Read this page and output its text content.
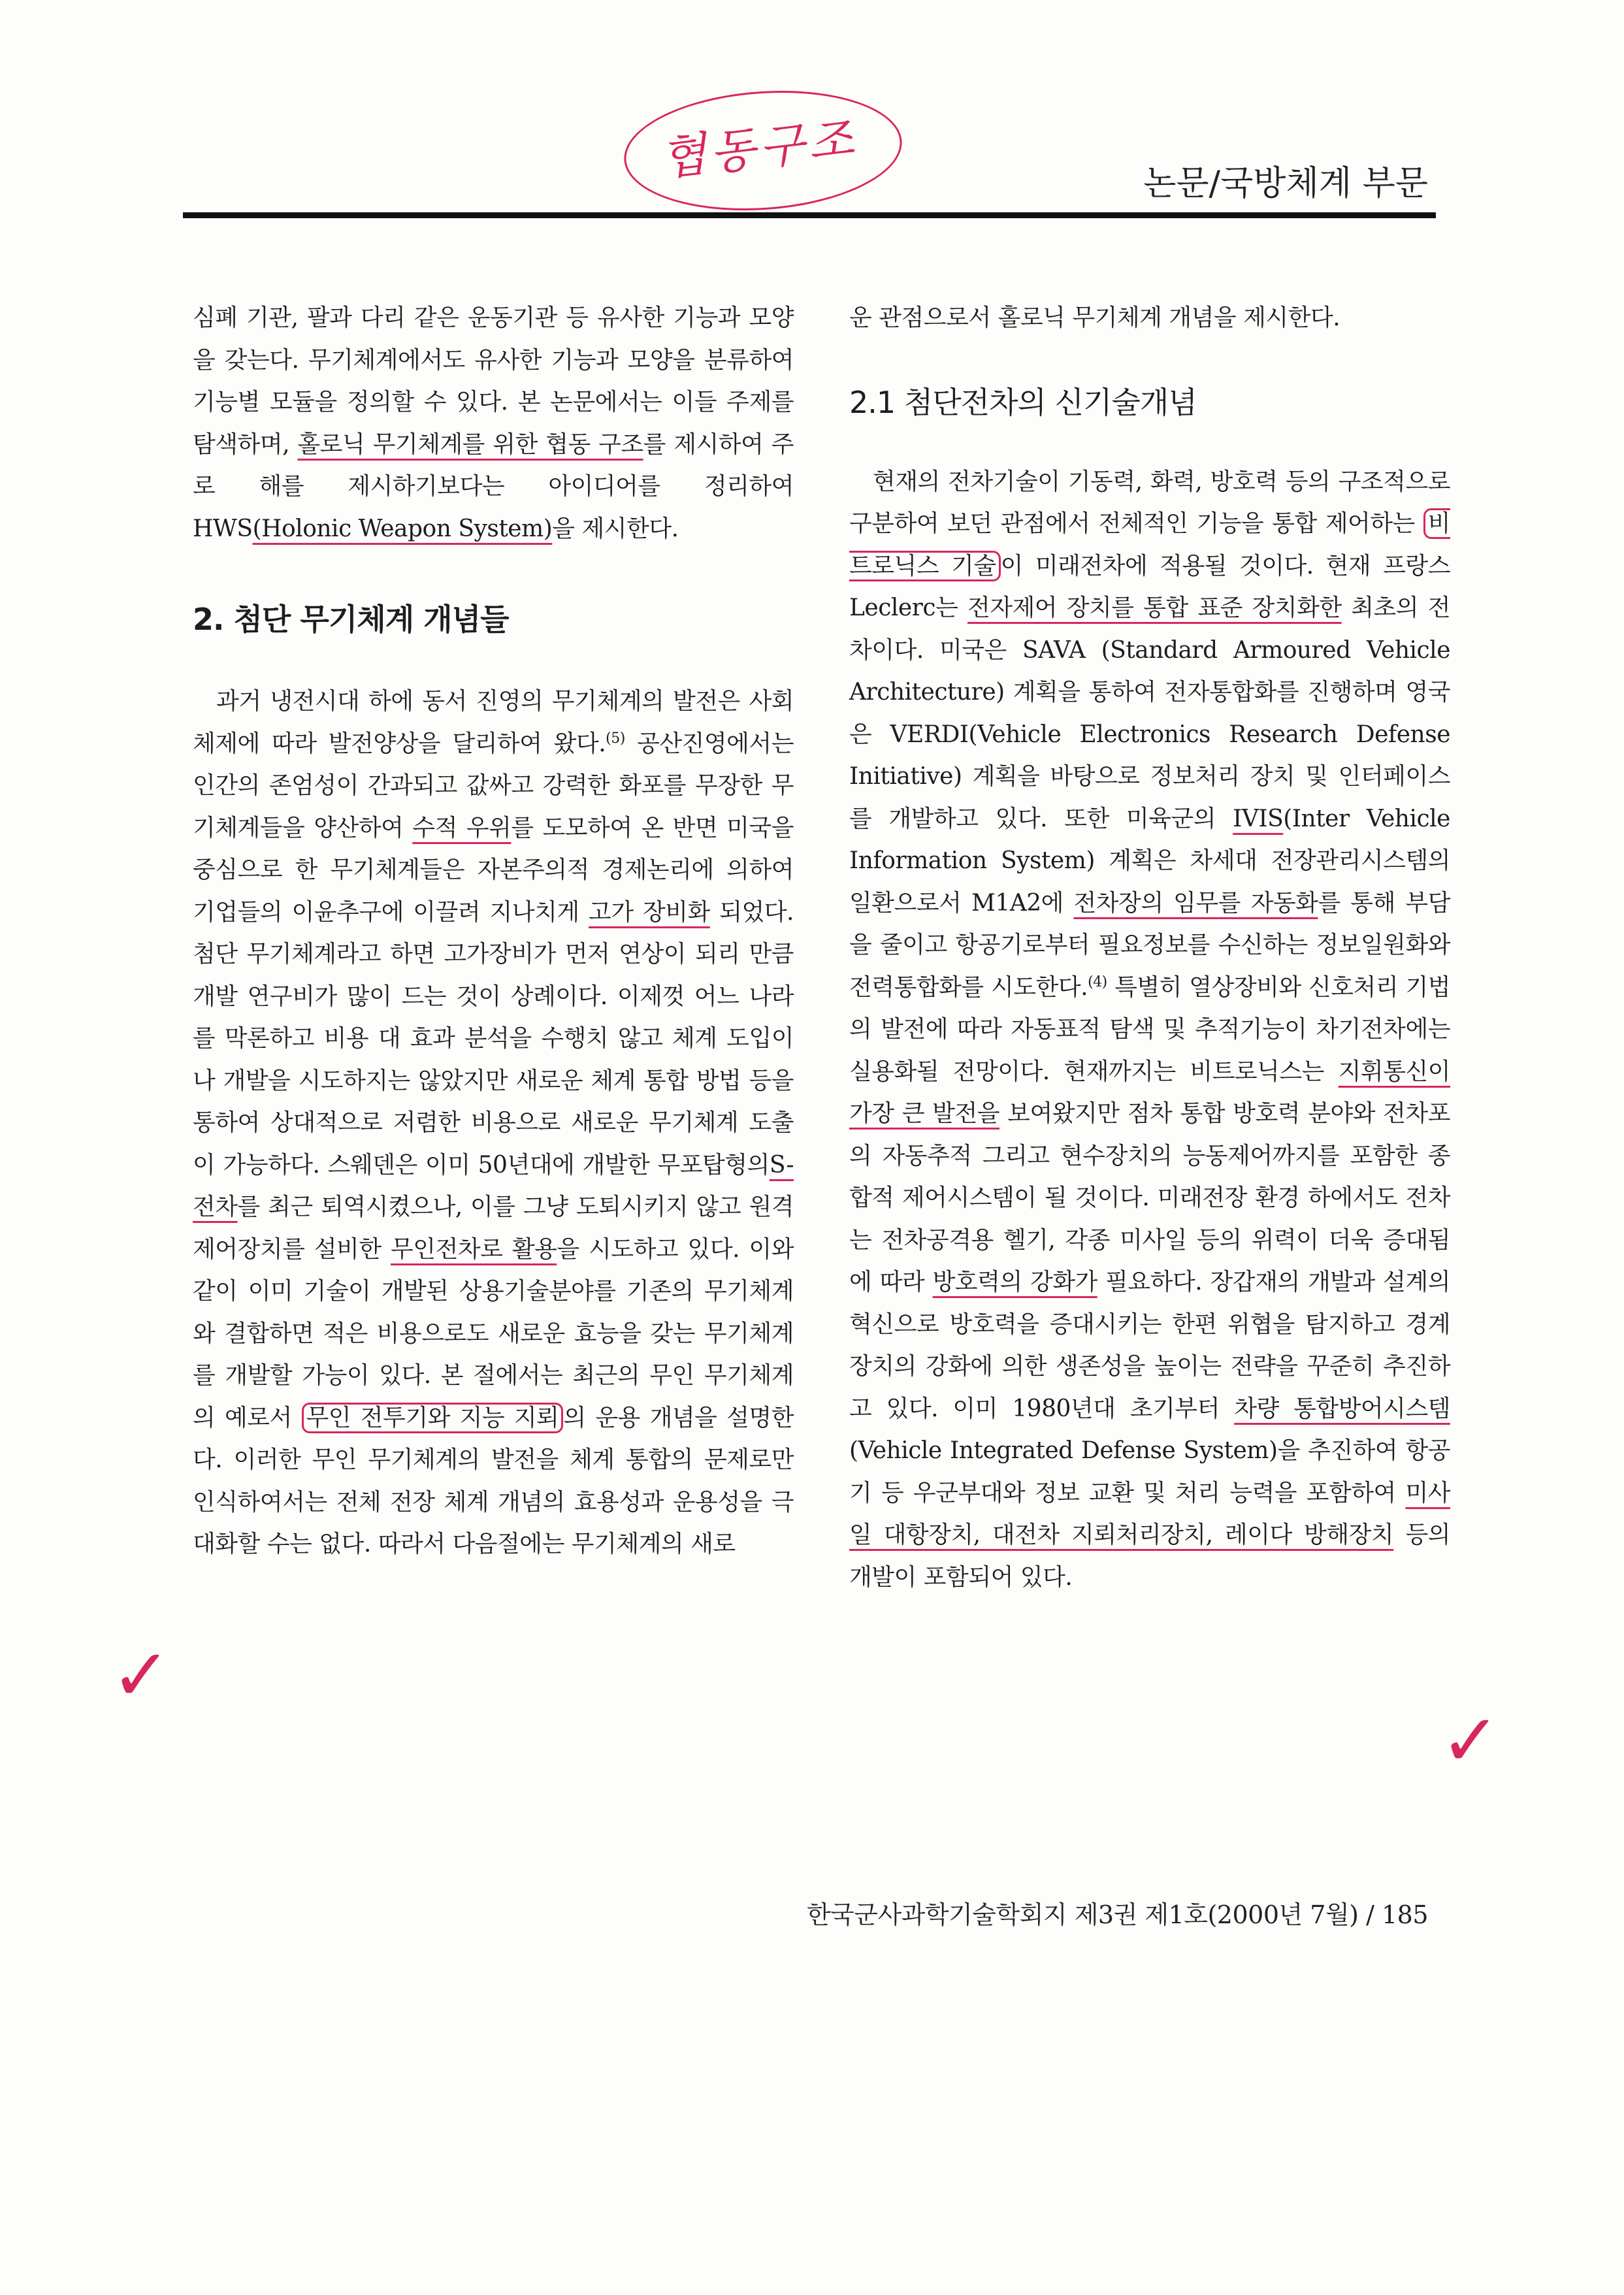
협동구조	논문/국방체계 부문

심폐 기관, 팔과 다리 같은 운동기관 등 유사한 기능과 모양을 갖는다. 무기체계에서도 유사한 기능과 모양을 분류하여 기능별 모듈을 정의할 수 있다. 본 논문에서는 이들 주제를 탐색하며, 홀로닉 무기체계를 위한 협동 구조를 제시하여 주로 해를 제시하기보다는 아이디어를 정리하여 HWS(Holonic Weapon System)을 제시한다.

2. 첨단 무기체계 개념들

과거 냉전시대 하에 동서 진영의 무기체계의 발전은 사회체제에 따라 발전양상을 달리하여 왔다.$^{(5)}$ 공산진영에서는 인간의 존엄성이 간과되고 값싸고 강력한 화포를 무장한 무기체계들을 양산하여 수적 우위를 도모하여 온 반면 미국을 중심으로 한 무기체계들은 자본주의적 경제논리에 의하여 기업들의 이윤추구에 이끌려 지나치게 고가 장비화 되었다. 첨단 무기체계라고 하면 고가장비가 먼저 연상이 되리 만큼 개발 연구비가 많이 드는 것이 상례이다. 이제껏 어느 나라를 막론하고 비용 대 효과 분석을 수행치 않고 체계 도입이나 개발을 시도하지는 않았지만 새로운 체계 통합 방법 등을 통하여 상대적으로 저렴한 비용으로 새로운 무기체계 도출이 가능하다. 스웨덴은 이미 50년대에 개발한 무포탑형의S-전차를 최근 퇴역시켰으나, 이를 그냥 도퇴시키지 않고 원격제어장치를 설비한 무인전차로 활용을 시도하고 있다. 이와 같이 이미 기술이 개발된 상용기술분야를 기존의 무기체계와 결합하면 적은 비용으로도 새로운 효능을 갖는 무기체계를 개발할 가능이 있다. 본 절에서는 최근의 무인 무기체계의 예로서 무인 전투기와 지능 지뢰 의 운용 개념을 설명한다. 이러한 무인 무기체계의 발전을 체계 통합의 문제로만 인식하여서는 전체 전장 체계 개념의 효용성과 운용성을 극대화할 수는 없다. 따라서 다음절에는 무기체계의 새로

운 관점으로서 홀로닉 무기체계 개념을 제시한다.

2.1 첨단전차의 신기술개념

현재의 전차기술이 기동력, 화력, 방호력 등의 구조적으로 구분하여 보던 관점에서 전체적인 기능을 통합 제어하는 비트로닉스 기술 이 미래전차에 적용될 것이다. 현재 프랑스 Leclerc는 전자제어 장치를 통합 표준 장치화한 최초의 전차이다. 미국은 SAVA (Standard Armoured Vehicle Architecture) 계획을 통하여 전자통합화를 진행하며 영국은 VERDI(Vehicle Electronics Research Defense Initiative) 계획을 바탕으로 정보처리 장치 및 인터페이스를 개발하고 있다. 또한 미육군의 IVIS(Inter Vehicle Information System) 계획은 차세대 전장관리시스템의 일환으로서 M1A2에 전차장의 임무를 자동화를 통해 부담을 줄이고 항공기로부터 필요정보를 수신하는 정보일원화와 전력통합화를 시도한다.$^{(4)}$ 특별히 열상장비와 신호처리 기법의 발전에 따라 자동표적 탐색 및 추적기능이 차기전차에는 실용화될 전망이다. 현재까지는 비트로닉스는 지휘통신이 가장 큰 발전을 보여왔지만 점차 통합 방호력 분야와 전차포의 자동추적 그리고 현수장치의 능동제어까지를 포함한 종합적 제어시스템이 될 것이다. 미래전장 환경 하에서도 전차는 전차공격용 헬기, 각종 미사일 등의 위력이 더욱 증대됨에 따라 방호력의 강화가 필요하다. 장갑재의 개발과 설계의 혁신으로 방호력을 증대시키는 한편 위협을 탐지하고 경계장치의 강화에 의한 생존성을 높이는 전략을 꾸준히 추진하고 있다. 이미 1980년대 초기부터 차량 통합방어시스템(Vehicle Integrated Defense System)을 추진하여 항공기 등 우군부대와 정보 교환 및 처리 능력을 포함하여 미사일 대항장치, 대전차 지뢰처리장치, 레이다 방해장치 등의 개발이 포함되어 있다.

✓
✓
한국군사과학기술학회지 제3권 제1호(2000년 7월) / 185
